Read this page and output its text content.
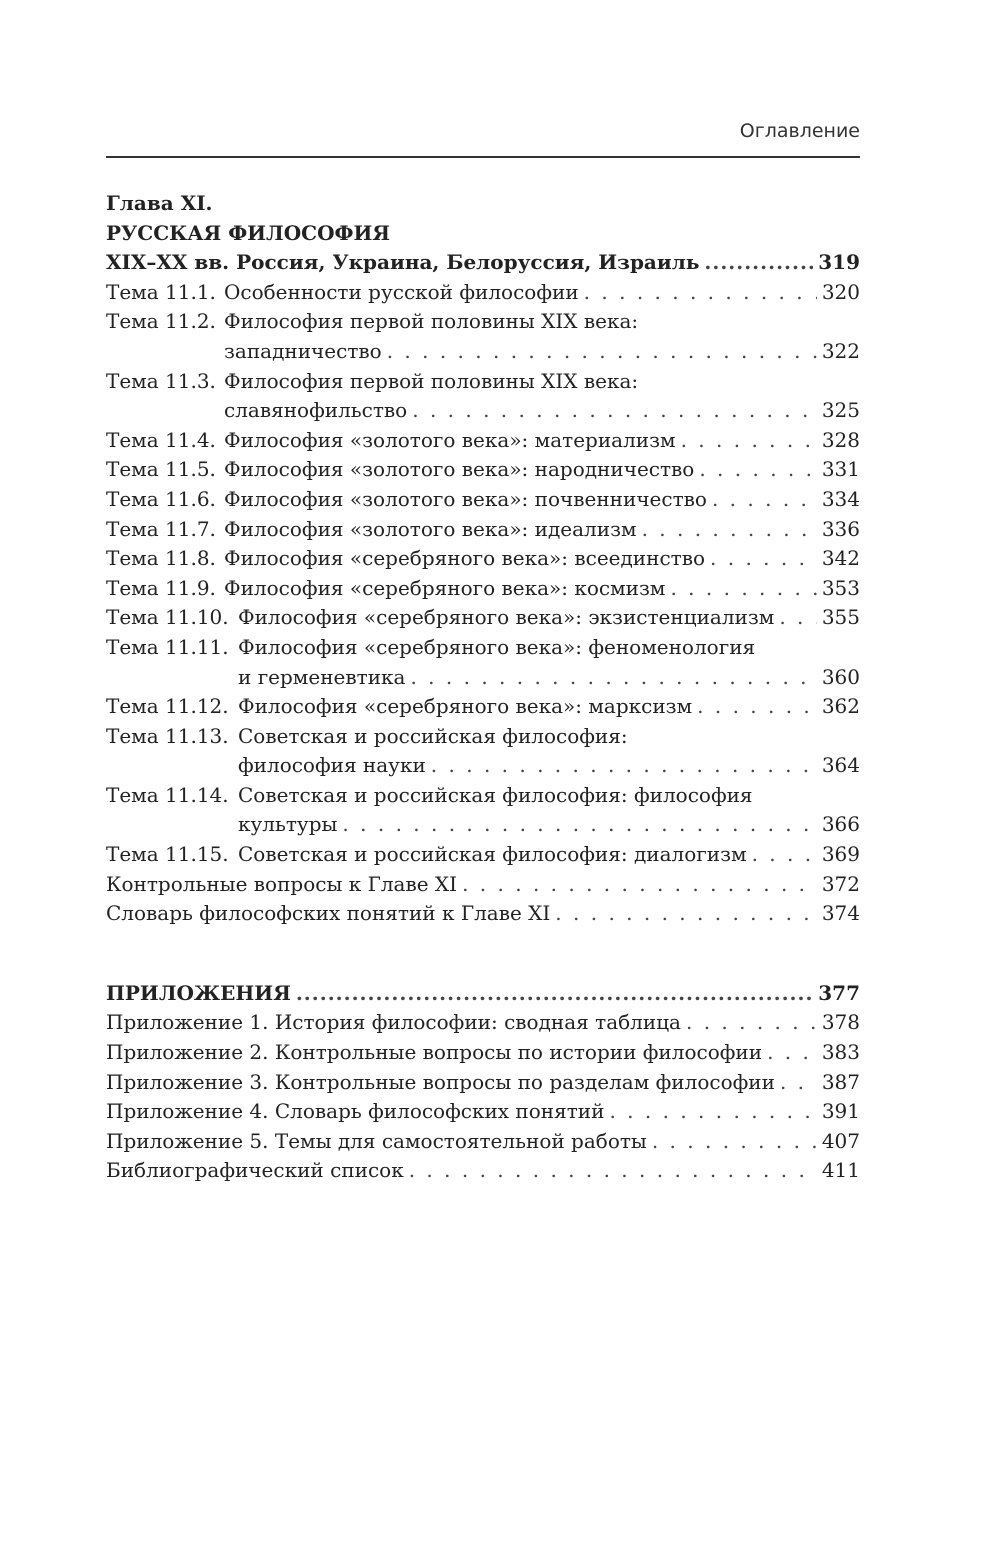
Оглавление
Глава XI.
РУССКАЯ ФИЛОСОФИЯ
XIX–XX вв. Россия, Украина, Белоруссия, Израиль .....	319
Тема 11.1. Особенности русской философии . . .	320
Тема 11.2. Философия первой половины XIX века:
западничество . . .	322
Тема 11.3. Философия первой половины XIX века:
славянофильство . . .	325
Тема 11.4. Философия «золотого века»: материализм . . .	328
Тема 11.5. Философия «золотого века»: народничество . . .	331
Тема 11.6. Философия «золотого века»: почвенничество . . .	334
Тема 11.7. Философия «золотого века»: идеализм . . .	336
Тема 11.8. Философия «серебряного века»: всеединство . . .	342
Тема 11.9. Философия «серебряного века»: космизм . . .	353
Тема 11.10. Философия «серебряного века»: экзистенциализм . . . 355
Тема 11.11. Философия «серебряного века»: феноменология
и герменевтика . . .	360
Тема 11.12. Философия «серебряного века»: марксизм . . .	362
Тема 11.13. Советская и российская философия:
философия науки . . .	364
Тема 11.14. Советская и российская философия: философия
культуры . . .	366
Тема 11.15. Советская и российская философия: диалогизм . . .	369
Контрольные вопросы к Главе XI . . .	372
Словарь философских понятий к Главе XI . . .	374
ПРИЛОЖЕНИЯ .....	377
Приложение 1. История философии: сводная таблица . . .	378
Приложение 2. Контрольные вопросы по истории философии . . .	383
Приложение 3. Контрольные вопросы по разделам философии . . . 387
Приложение 4. Словарь философских понятий . . .	391
Приложение 5. Темы для самостоятельной работы . . .	407
Библиографический список . . .	411
